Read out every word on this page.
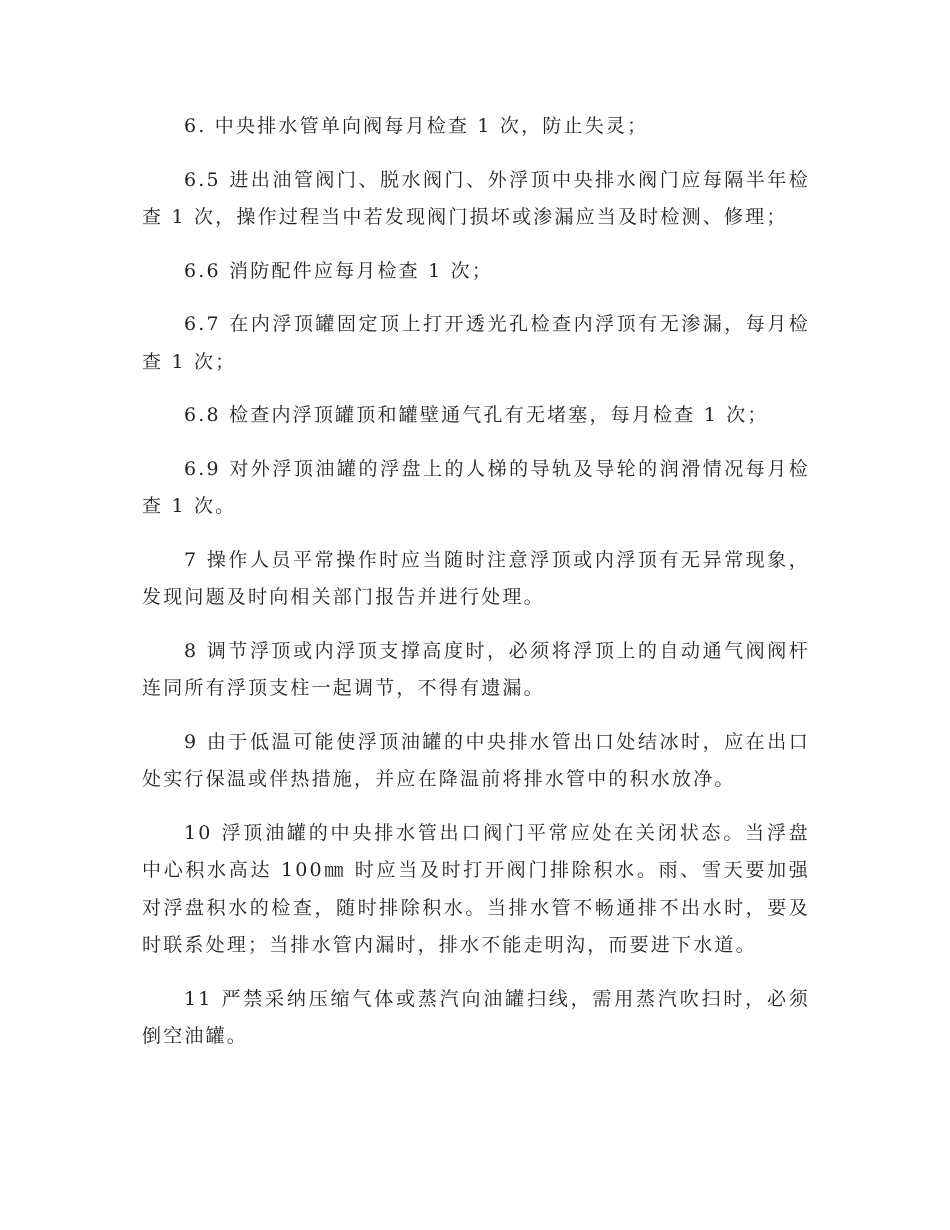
6. 中央排水管单向阀每月检查 1 次，防止失灵；

6.5 进出油管阀门、脱水阀门、外浮顶中央排水阀门应每隔半年检查 1 次，操作过程当中若发现阀门损坏或渗漏应当及时检测、修理；

6.6 消防配件应每月检查 1 次；

6.7 在内浮顶罐固定顶上打开透光孔检查内浮顶有无渗漏，每月检查 1 次；

6.8 检查内浮顶罐顶和罐壁通气孔有无堵塞，每月检查 1 次；

6.9 对外浮顶油罐的浮盘上的人梯的导轨及导轮的润滑情况每月检查 1 次。

7 操作人员平常操作时应当随时注意浮顶或内浮顶有无异常现象，发现问题及时向相关部门报告并进行处理。

8 调节浮顶或内浮顶支撑高度时，必须将浮顶上的自动通气阀阀杆连同所有浮顶支柱一起调节，不得有遗漏。

9 由于低温可能使浮顶油罐的中央排水管出口处结冰时，应在出口处实行保温或伴热措施，并应在降温前将排水管中的积水放净。

10 浮顶油罐的中央排水管出口阀门平常应处在关闭状态。当浮盘中心积水高达 100㎜ 时应当及时打开阀门排除积水。雨、雪天要加强对浮盘积水的检查，随时排除积水。当排水管不畅通排不出水时，要及时联系处理；当排水管内漏时，排水不能走明沟，而要进下水道。

11 严禁采纳压缩气体或蒸汽向油罐扫线，需用蒸汽吹扫时，必须倒空油罐。
